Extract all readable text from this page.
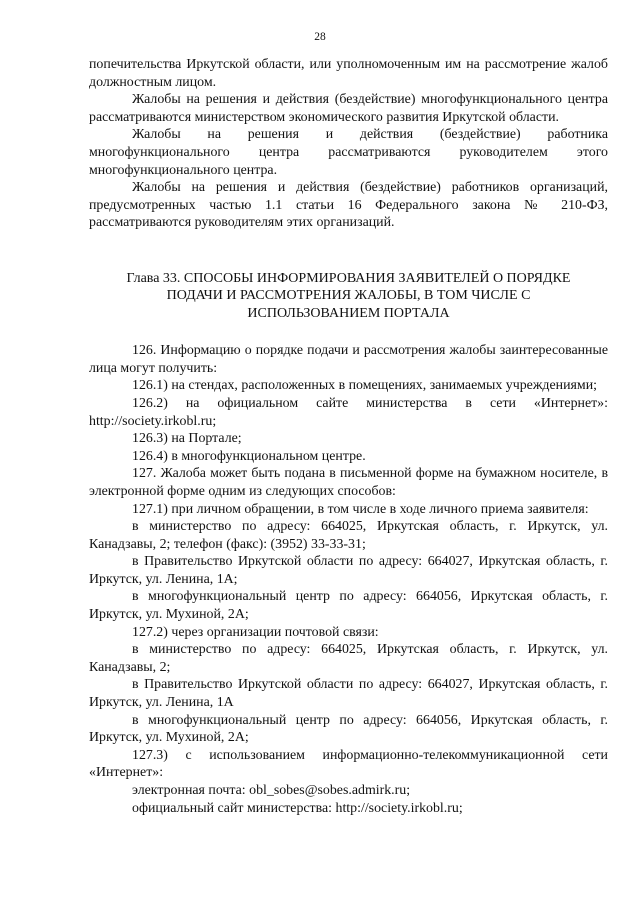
28

попечительства Иркутской области, или уполномоченным им на рассмотрение жалоб должностным лицом.

Жалобы на решения и действия (бездействие) многофункционального центра рассматриваются министерством экономического развития Иркутской области.

Жалобы на решения и действия (бездействие) работника многофункционального центра рассматриваются руководителем этого многофункционального центра.

Жалобы на решения и действия (бездействие) работников организаций, предусмотренных частью 1.1 статьи 16 Федерального закона № 210-ФЗ, рассматриваются руководителям этих организаций.

Глава 33. СПОСОБЫ ИНФОРМИРОВАНИЯ ЗАЯВИТЕЛЕЙ О ПОРЯДКЕ
ПОДАЧИ И РАССМОТРЕНИЯ ЖАЛОБЫ, В ТОМ ЧИСЛЕ С
ИСПОЛЬЗОВАНИЕМ ПОРТАЛА

126. Информацию о порядке подачи и рассмотрения жалобы заинтересованные лица могут получить:

126.1) на стендах, расположенных в помещениях, занимаемых учреждениями;

126.2) на официальном сайте министерства в сети «Интернет»: http://society.irkobl.ru;

126.3) на Портале;

126.4) в многофункциональном центре.

127. Жалоба может быть подана в письменной форме на бумажном носителе, в электронной форме одним из следующих способов:

127.1) при личном обращении, в том числе в ходе личного приема заявителя:

в министерство по адресу: 664025, Иркутская область, г. Иркутск, ул. Канадзавы, 2; телефон (факс): (3952) 33-33-31;

в Правительство Иркутской области по адресу: 664027, Иркутская область, г. Иркутск, ул. Ленина, 1А;

в многофункциональный центр по адресу: 664056, Иркутская область, г. Иркутск, ул. Мухиной, 2А;

127.2) через организации почтовой связи:

в министерство по адресу: 664025, Иркутская область, г. Иркутск, ул. Канадзавы, 2;

в Правительство Иркутской области по адресу: 664027, Иркутская область, г. Иркутск, ул. Ленина, 1А

в многофункциональный центр по адресу: 664056, Иркутская область, г. Иркутск, ул. Мухиной, 2А;

127.3) с использованием информационно-телекоммуникационной сети «Интернет»:

электронная почта: obl_sobes@sobes.admirk.ru;

официальный сайт министерства: http://society.irkobl.ru;
